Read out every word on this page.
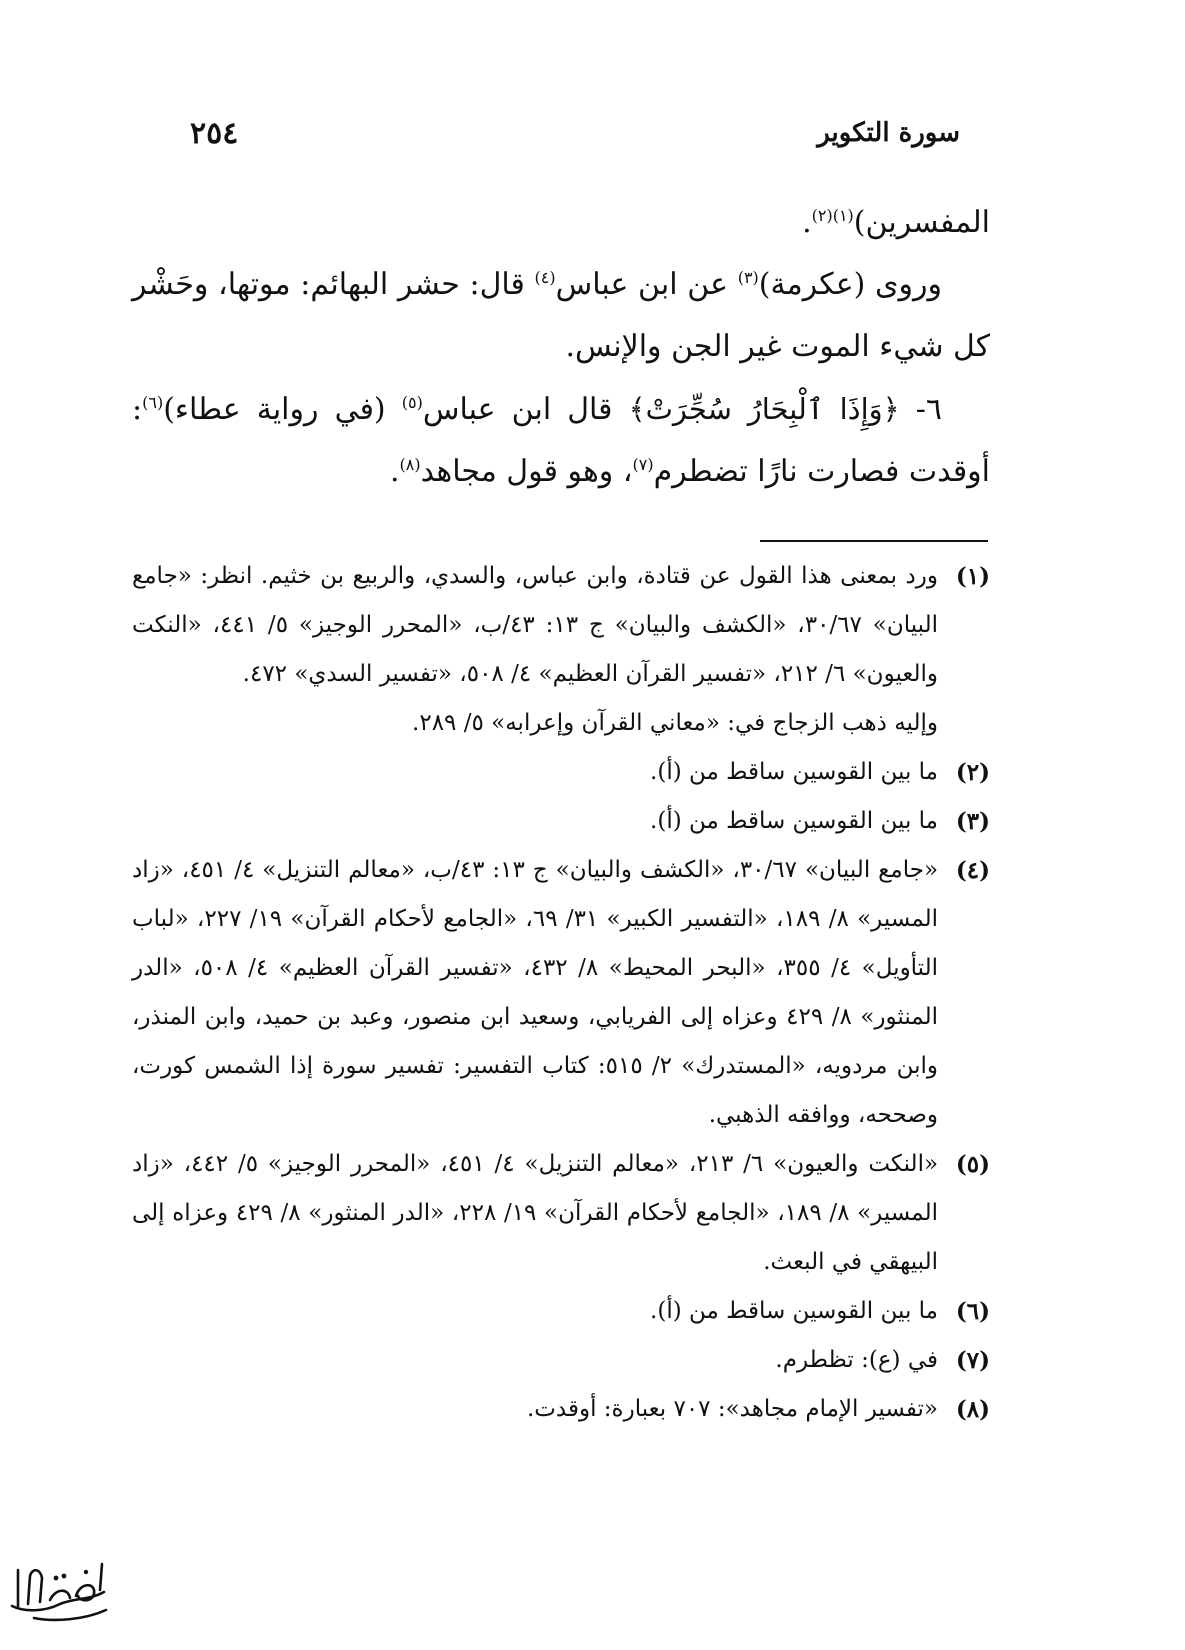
سورة التكوير
٢٥٤

المفسرين)$^{(١)(٢)}$.

وروى (عكرمة)$^{(٣)}$ عن ابن عباس$^{(٤)}$ قال: حشر البهائم: موتها، وحَشْر كل شيء الموت غير الجن والإنس.

٦- ﴿وَإِذَا ٱلْبِحَارُ سُجِّرَتْ﴾ قال ابن عباس$^{(٥)}$ (في رواية عطاء)$^{(٦)}$: أوقدت فصارت نارًا تضطرم$^{(٧)}$، وهو قول مجاهد$^{(٨)}$.

(١)

ورد بمعنى هذا القول عن قتادة، وابن عباس، والسدي، والربيع بن خثيم. انظر: «جامع البيان» ٣٠/٦٧، «الكشف والبيان» ج ١٣: ٤٣/ب، «المحرر الوجيز» ٥/ ٤٤١، «النكت والعيون» ٦/ ٢١٢، «تفسير القرآن العظيم» ٤/ ٥٠٨، «تفسير السدي» ٤٧٢.

وإليه ذهب الزجاج في: «معاني القرآن وإعرابه» ٥/ ٢٨٩.

(٢)

ما بين القوسين ساقط من (أ).

(٣)

ما بين القوسين ساقط من (أ).

(٤)

«جامع البيان» ٣٠/٦٧، «الكشف والبيان» ج ١٣: ٤٣/ب، «معالم التنزيل» ٤/ ٤٥١، «زاد المسير» ٨/ ١٨٩، «التفسير الكبير» ٣١/ ٦٩، «الجامع لأحكام القرآن» ١٩/ ٢٢٧، «لباب التأويل» ٤/ ٣٥٥، «البحر المحيط» ٨/ ٤٣٢، «تفسير القرآن العظيم» ٤/ ٥٠٨، «الدر المنثور» ٨/ ٤٢٩ وعزاه إلى الفريابي، وسعيد ابن منصور، وعبد بن حميد، وابن المنذر، وابن مردويه، «المستدرك» ٢/ ٥١٥: كتاب التفسير: تفسير سورة إذا الشمس كورت، وصححه، ووافقه الذهبي.

(٥)

«النكت والعيون» ٦/ ٢١٣، «معالم التنزيل» ٤/ ٤٥١، «المحرر الوجيز» ٥/ ٤٤٢، «زاد المسير» ٨/ ١٨٩، «الجامع لأحكام القرآن» ١٩/ ٢٢٨، «الدر المنثور» ٨/ ٤٢٩ وعزاه إلى البيهقي في البعث.

(٦)

ما بين القوسين ساقط من (أ).

(٧)

في (ع): تظطرم.

(٨)

«تفسير الإمام مجاهد»: ٧٠٧ بعبارة: أوقدت.
